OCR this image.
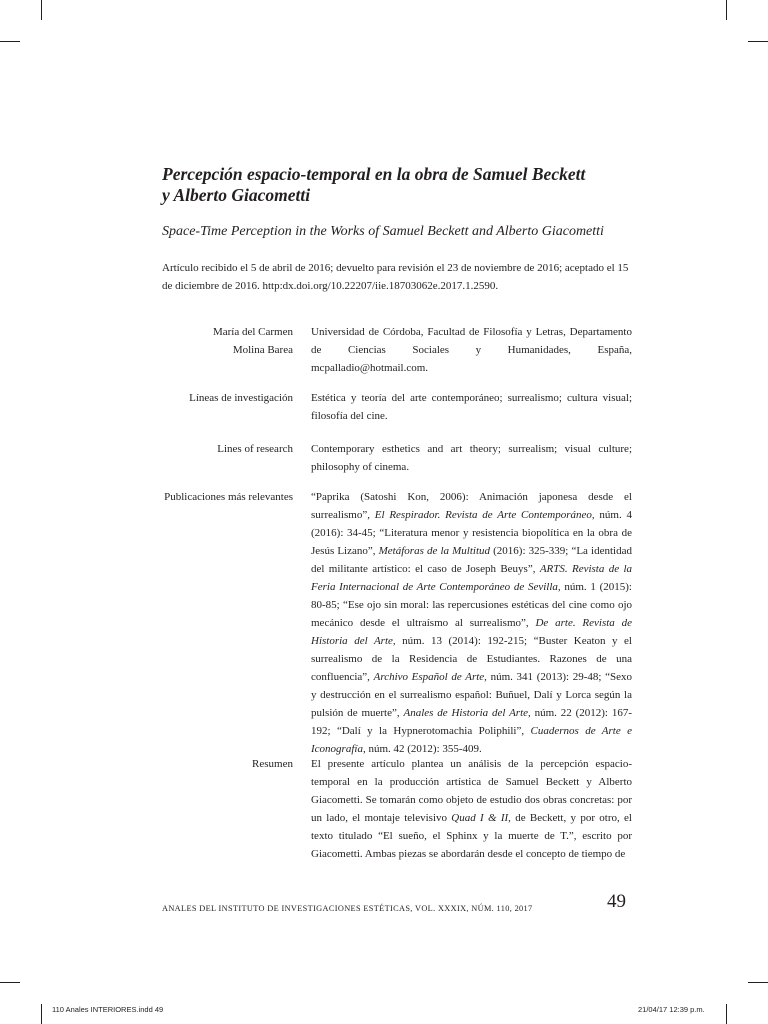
Percepción espacio-temporal en la obra de Samuel Beckett
y Alberto Giacometti
Space-Time Perception in the Works of Samuel Beckett and Alberto Giacometti
Artículo recibido el 5 de abril de 2016; devuelto para revisión el 23 de noviembre de 2016; aceptado el 15 de diciembre de 2016. http:dx.doi.org/10.22207/iie.18703062e.2017.1.2590.
María del Carmen
Molina Barea
Universidad de Córdoba, Facultad de Filosofía y Letras, Departamento de Ciencias Sociales y Humanidades, España, mcpalladio@hotmail.com.
Líneas de investigación Estética y teoría del arte contemporáneo; surrealismo; cultura visual; filosofía del cine.
Lines of research Contemporary esthetics and art theory; surrealism; visual culture; philosophy of cinema.
Publicaciones más relevantes “Paprika (Satoshi Kon, 2006): Animación japonesa desde el surrealismo”, El Respirador. Revista de Arte Contemporáneo, núm. 4 (2016): 34-45; “Literatura menor y resistencia biopolítica en la obra de Jesús Lizano”, Metáforas de la Multitud (2016): 325-339; “La identidad del militante artístico: el caso de Joseph Beuys”, ARTS. Revista de la Feria Internacional de Arte Contemporáneo de Sevilla, núm. 1 (2015): 80-85; “Ese ojo sin moral: las repercusiones estéticas del cine como ojo mecánico desde el ultraísmo al surrealismo”, De arte. Revista de Historia del Arte, núm. 13 (2014): 192-215; “Buster Keaton y el surrealismo de la Residencia de Estudiantes. Razones de una confluencia”, Archivo Español de Arte, núm. 341 (2013): 29-48; “Sexo y destrucción en el surrealismo español: Buñuel, Dalí y Lorca según la pulsión de muerte”, Anales de Historia del Arte, núm. 22 (2012): 167-192; “Dalí y la Hypnerotomachia Poliphili”, Cuadernos de Arte e Iconografía, núm. 42 (2012): 355-409.
Resumen El presente artículo plantea un análisis de la percepción espacio-temporal en la producción artística de Samuel Beckett y Alberto Giacometti. Se tomarán como objeto de estudio dos obras concretas: por un lado, el montaje televisivo Quad I & II, de Beckett, y por otro, el texto titulado “El sueño, el Sphinx y la muerte de T.”, escrito por Giacometti. Ambas piezas se abordarán desde el concepto de tiempo de
ANALES DEL INSTITUTO DE INVESTIGACIONES ESTÉTICAS, VOL. XXXIX, NÚM. 110, 2017	49
110 Anales INTERIORES.indd 49	21/04/17 12:39 p.m.
